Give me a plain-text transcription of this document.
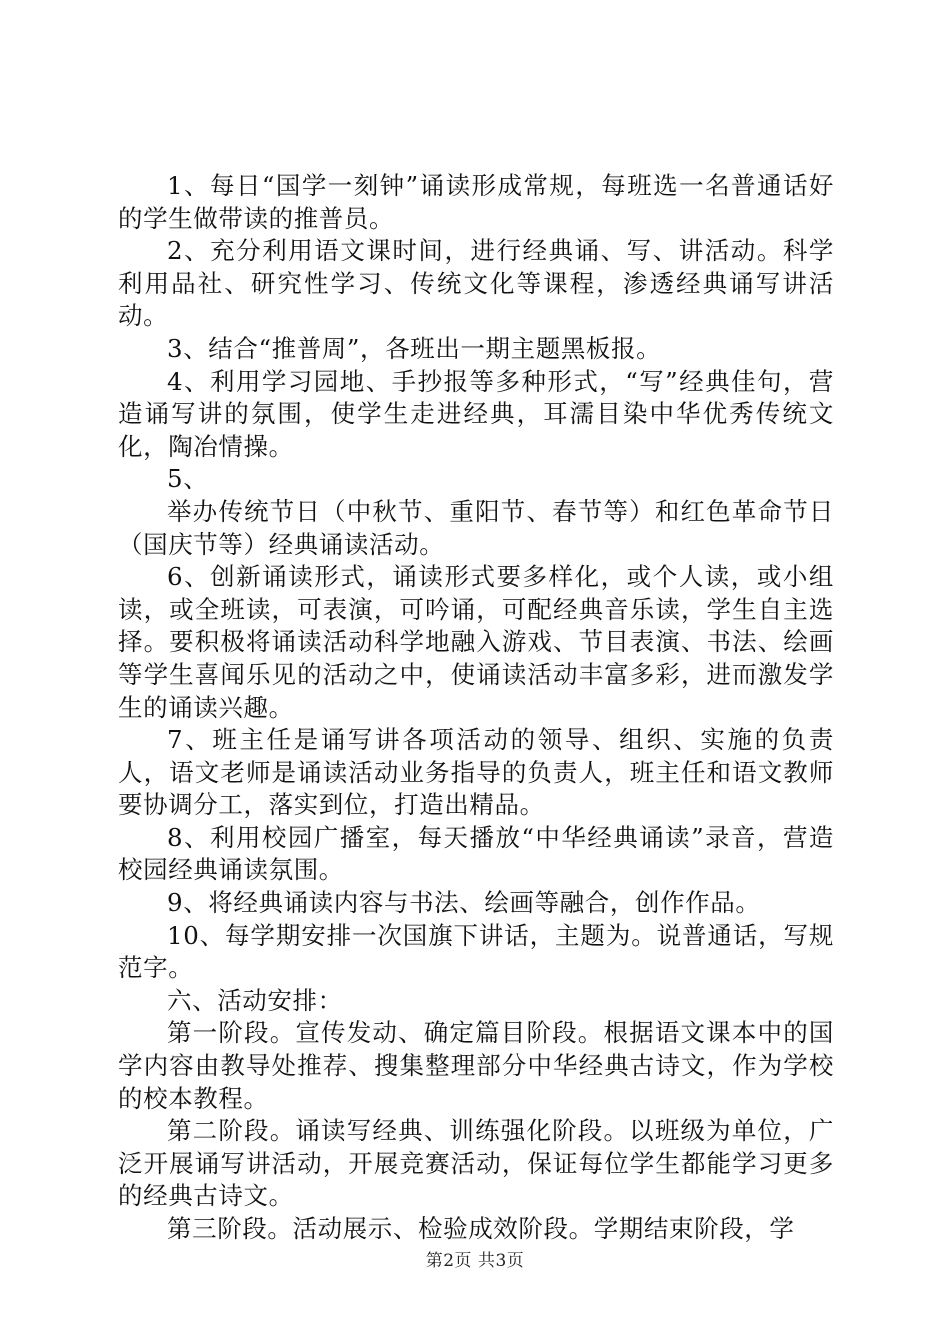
1、每日“国学一刻钟”诵读形成常规，每班选一名普通话好的学生做带读的推普员。

2、充分利用语文课时间，进行经典诵、写、讲活动。科学利用品社、研究性学习、传统文化等课程，渗透经典诵写讲活动。

3、结合“推普周”，各班出一期主题黑板报。

4、利用学习园地、手抄报等多种形式，“写”经典佳句，营造诵写讲的氛围，使学生走进经典，耳濡目染中华优秀传统文化，陶冶情操。

5、

举办传统节日（中秋节、重阳节、春节等）和红色革命节日（国庆节等）经典诵读活动。

6、创新诵读形式，诵读形式要多样化，或个人读，或小组读，或全班读，可表演，可吟诵，可配经典音乐读，学生自主选择。要积极将诵读活动科学地融入游戏、节目表演、书法、绘画等学生喜闻乐见的活动之中，使诵读活动丰富多彩，进而激发学生的诵读兴趣。

7、班主任是诵写讲各项活动的领导、组织、实施的负责人，语文老师是诵读活动业务指导的负责人，班主任和语文教师要协调分工，落实到位，打造出精品。

8、利用校园广播室，每天播放“中华经典诵读”录音，营造校园经典诵读氛围。

9、将经典诵读内容与书法、绘画等融合，创作作品。

10、每学期安排一次国旗下讲话，主题为。说普通话，写规范字。

六、活动安排：

第一阶段。宣传发动、确定篇目阶段。根据语文课本中的国学内容由教导处推荐、搜集整理部分中华经典古诗文，作为学校的校本教程。

第二阶段。诵读写经典、训练强化阶段。以班级为单位，广泛开展诵写讲活动，开展竞赛活动，保证每位学生都能学习更多的经典古诗文。

第三阶段。活动展示、检验成效阶段。学期结束阶段，学

第2页 共3页
